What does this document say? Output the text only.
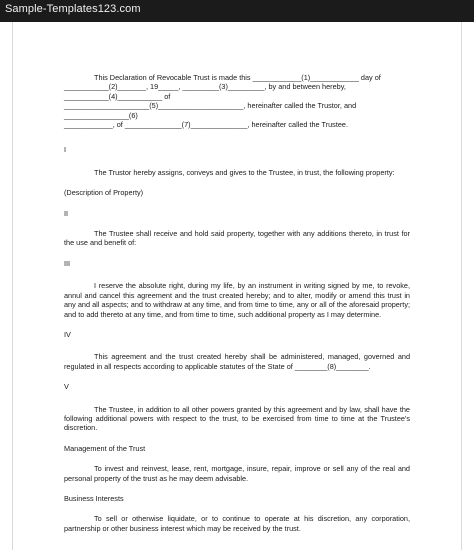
Sample-Templates123.com

This Declaration of Revocable Trust is made this ____________(1)____________ day of

___________(2)_______, 19_____, _________(3)_________, by and between hereby, ___________(4)___________ of

_____________________(5)_____________________, hereinafter called the Trustor, and ________________(6)

____________, of ______________(7)______________, hereinafter called the Trustee.

I

The Trustor hereby assigns, conveys and gives to the Trustee, in trust, the following property:

(Description of Property)

II

The Trustee shall receive and hold said property, together with any additions thereto, in trust for the use and benefit of:

III

I reserve the absolute right, during my life, by an instrument in writing signed by me, to revoke, annul and cancel this agreement and the trust created hereby; and to alter, modify or amend this trust in any and all aspects; and to withdraw at any time, and from time to time, any or all of the aforesaid property; and to add thereto at any time, and from time to time, such additional property as I may determine.

IV

This agreement and the trust created hereby shall be administered, managed, governed and regulated in all respects according to applicable statutes of the State of ________(8)________.

V

The Trustee, in addition to all other powers granted by this agreement and by law, shall have the following additional powers with respect to the trust, to be exercised from time to time at the Trustee's discretion.

Management of the Trust

To invest and reinvest, lease, rent, mortgage, insure, repair, improve or sell any of the real and personal property of the trust as he may deem advisable.

Business Interests

To sell or otherwise liquidate, or to continue to operate at his discretion, any corporation, partnership or other business interest which may be received by the trust.
